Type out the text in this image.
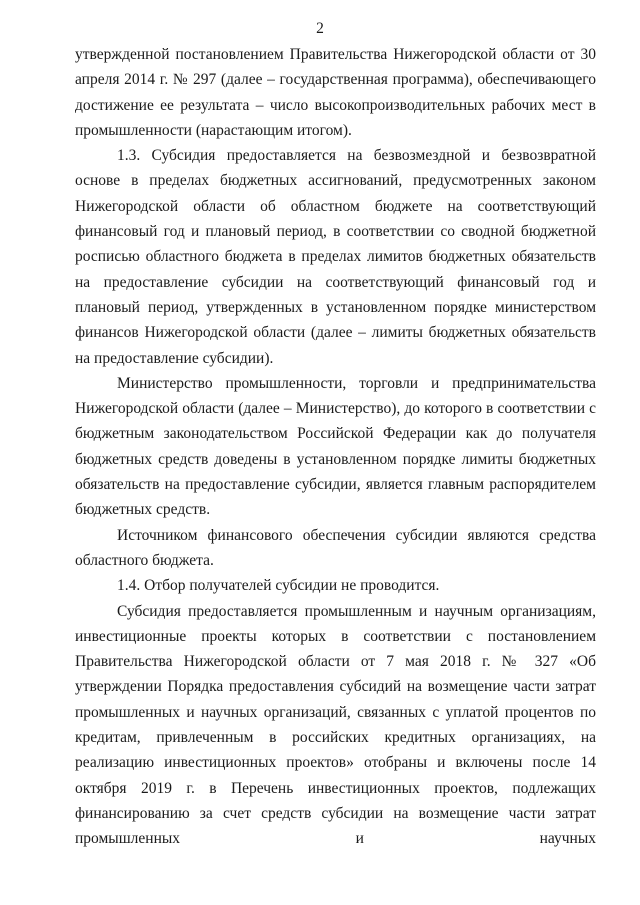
2

утвержденной постановлением Правительства Нижегородской области от 30 апреля 2014 г. № 297 (далее – государственная программа), обеспечивающего достижение ее результата – число высокопроизводительных рабочих мест в промышленности (нарастающим итогом).

1.3. Субсидия предоставляется на безвозмездной и безвозвратной основе в пределах бюджетных ассигнований, предусмотренных законом Нижегородской области об областном бюджете на соответствующий финансовый год и плановый период, в соответствии со сводной бюджетной росписью областного бюджета в пределах лимитов бюджетных обязательств на предоставление субсидии на соответствующий финансовый год и плановый период, утвержденных в установленном порядке министерством финансов Нижегородской области (далее – лимиты бюджетных обязательств на предоставление субсидии).

Министерство промышленности, торговли и предпринимательства Нижегородской области (далее – Министерство), до которого в соответствии с бюджетным законодательством Российской Федерации как до получателя бюджетных средств доведены в установленном порядке лимиты бюджетных обязательств на предоставление субсидии, является главным распорядителем бюджетных средств.

Источником финансового обеспечения субсидии являются средства областного бюджета.

1.4. Отбор получателей субсидии не проводится.

Субсидия предоставляется промышленным и научным организациям, инвестиционные проекты которых в соответствии с постановлением Правительства Нижегородской области от 7 мая 2018 г. № 327 «Об утверждении Порядка предоставления субсидий на возмещение части затрат промышленных и научных организаций, связанных с уплатой процентов по кредитам, привлеченным в российских кредитных организациях, на реализацию инвестиционных проектов» отобраны и включены после 14 октября 2019 г. в Перечень инвестиционных проектов, подлежащих финансированию за счет средств субсидии на возмещение части затрат промышленных и научных
